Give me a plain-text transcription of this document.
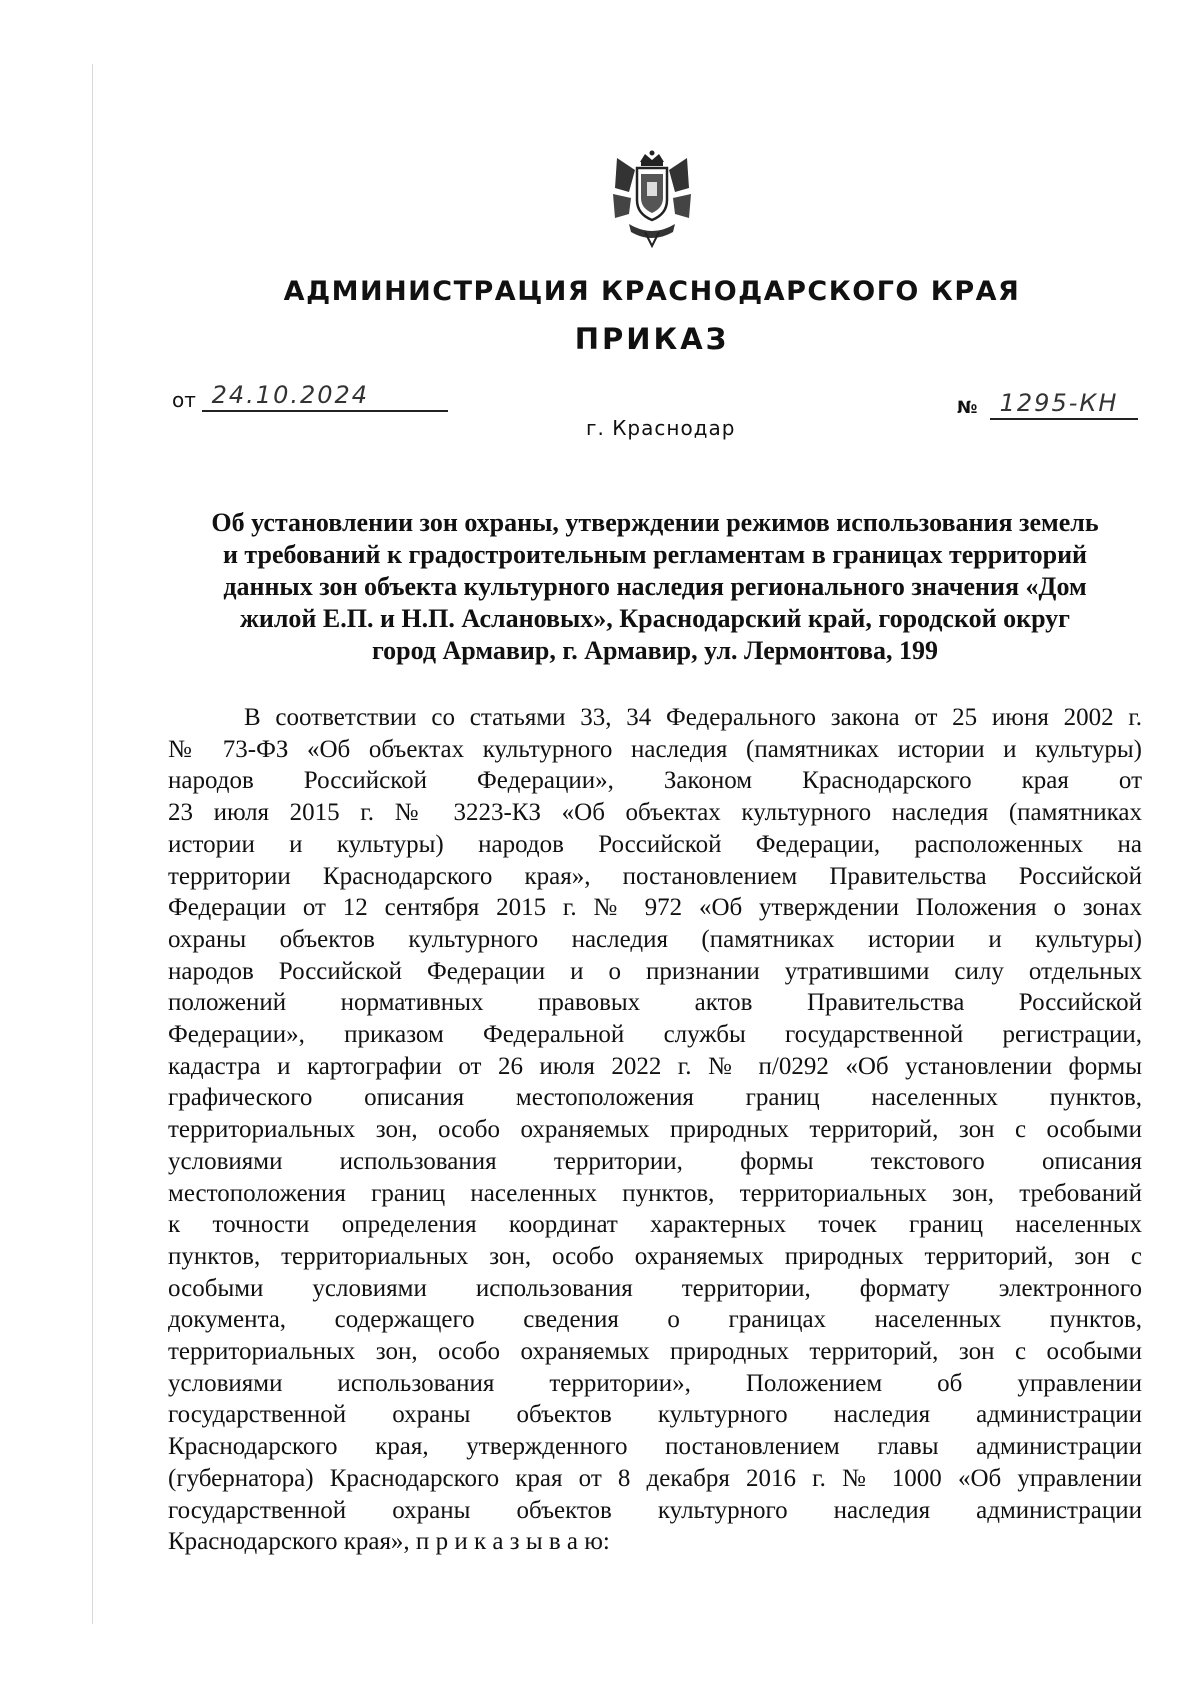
АДМИНИСТРАЦИЯ КРАСНОДАРСКОГО КРАЯ
ПРИКАЗ
от 24.10.2024
г. Краснодар
№ 1295-КН
Об установлении зон охраны, утверждении режимов использования земель
и требований к градостроительным регламентам в границах территорий
данных зон объекта культурного наследия регионального значения «Дом
жилой Е.П. и Н.П. Аслановых», Краснодарский край, городской округ
город Армавир, г. Армавир, ул. Лермонтова, 199
В соответствии со статьями 33, 34 Федерального закона от 25 июня 2002 г.
№ 73-ФЗ «Об объектах культурного наследия (памятниках истории и культуры)
народов Российской Федерации», Законом Краснодарского края от
23 июля 2015 г. № 3223-КЗ «Об объектах культурного наследия (памятниках
истории и культуры) народов Российской Федерации, расположенных на
территории Краснодарского края», постановлением Правительства Российской
Федерации от 12 сентября 2015 г. № 972 «Об утверждении Положения о зонах
охраны объектов культурного наследия (памятниках истории и культуры)
народов Российской Федерации и о признании утратившими силу отдельных
положений нормативных правовых актов Правительства Российской
Федерации», приказом Федеральной службы государственной регистрации,
кадастра и картографии от 26 июля 2022 г. № п/0292 «Об установлении формы
графического описания местоположения границ населенных пунктов,
территориальных зон, особо охраняемых природных территорий, зон с особыми
условиями использования территории, формы текстового описания
местоположения границ населенных пунктов, территориальных зон, требований
к точности определения координат характерных точек границ населенных
пунктов, территориальных зон, особо охраняемых природных территорий, зон с
особыми условиями использования территории, формату электронного
документа, содержащего сведения о границах населенных пунктов,
территориальных зон, особо охраняемых природных территорий, зон с особыми
условиями использования территории», Положением об управлении
государственной охраны объектов культурного наследия администрации
Краснодарского края, утвержденного постановлением главы администрации
(губернатора) Краснодарского края от 8 декабря 2016 г. № 1000 «Об управлении
государственной охраны объектов культурного наследия администрации
Краснодарского края», п р и к а з ы в а ю:
